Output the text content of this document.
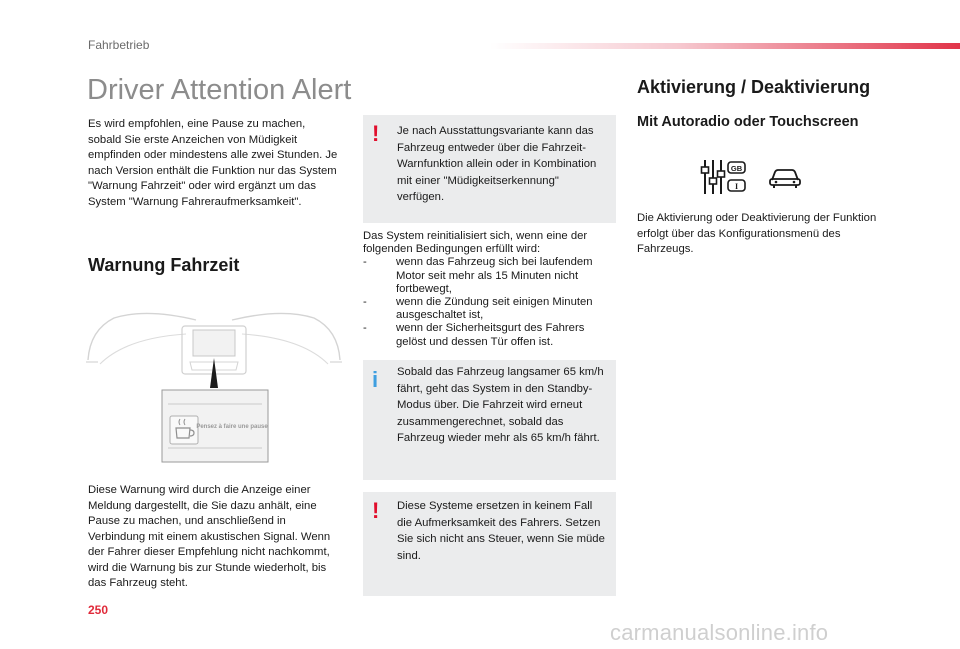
Fahrbetrieb
Driver Attention Alert
Es wird empfohlen, eine Pause zu machen, sobald Sie erste Anzeichen von Müdigkeit empfinden oder mindestens alle zwei Stunden. Je nach Version enthält die Funktion nur das System "Warnung Fahrzeit" oder wird ergänzt um das System "Warnung Fahreraufmerksamkeit".
Warnung Fahrzeit
Pensez à faire une pause
Diese Warnung wird durch die Anzeige einer Meldung dargestellt, die Sie dazu anhält, eine Pause zu machen, und anschließend in Verbindung mit einem akustischen Signal. Wenn der Fahrer dieser Empfehlung nicht nachkommt, wird die Warnung bis zur Stunde wiederholt, bis das Fahrzeug steht.
! Je nach Ausstattungsvariante kann das Fahrzeug entweder über die Fahrzeit-Warnfunktion allein oder in Kombination mit einer "Müdigkeitserkennung" verfügen.
Das System reinitialisiert sich, wenn eine der folgenden Bedingungen erfüllt wird:
-	wenn das Fahrzeug sich bei laufendem Motor seit mehr als 15 Minuten nicht fortbewegt,
-	wenn die Zündung seit einigen Minuten ausgeschaltet ist,
-	wenn der Sicherheitsgurt des Fahrers gelöst und dessen Tür offen ist.
i Sobald das Fahrzeug langsamer 65 km/h fährt, geht das System in den Standby-Modus über. Die Fahrzeit wird erneut zusammengerechnet, sobald das Fahrzeug wieder mehr als 65 km/h fährt.
! Diese Systeme ersetzen in keinem Fall die Aufmerksamkeit des Fahrers. Setzen Sie sich nicht ans Steuer, wenn Sie müde sind.
Aktivierung / Deaktivierung
Mit Autoradio oder Touchscreen
GB
I
Die Aktivierung oder Deaktivierung der Funktion erfolgt über das Konfigurationsmenü des Fahrzeugs.
250
carmanualsonline.info
